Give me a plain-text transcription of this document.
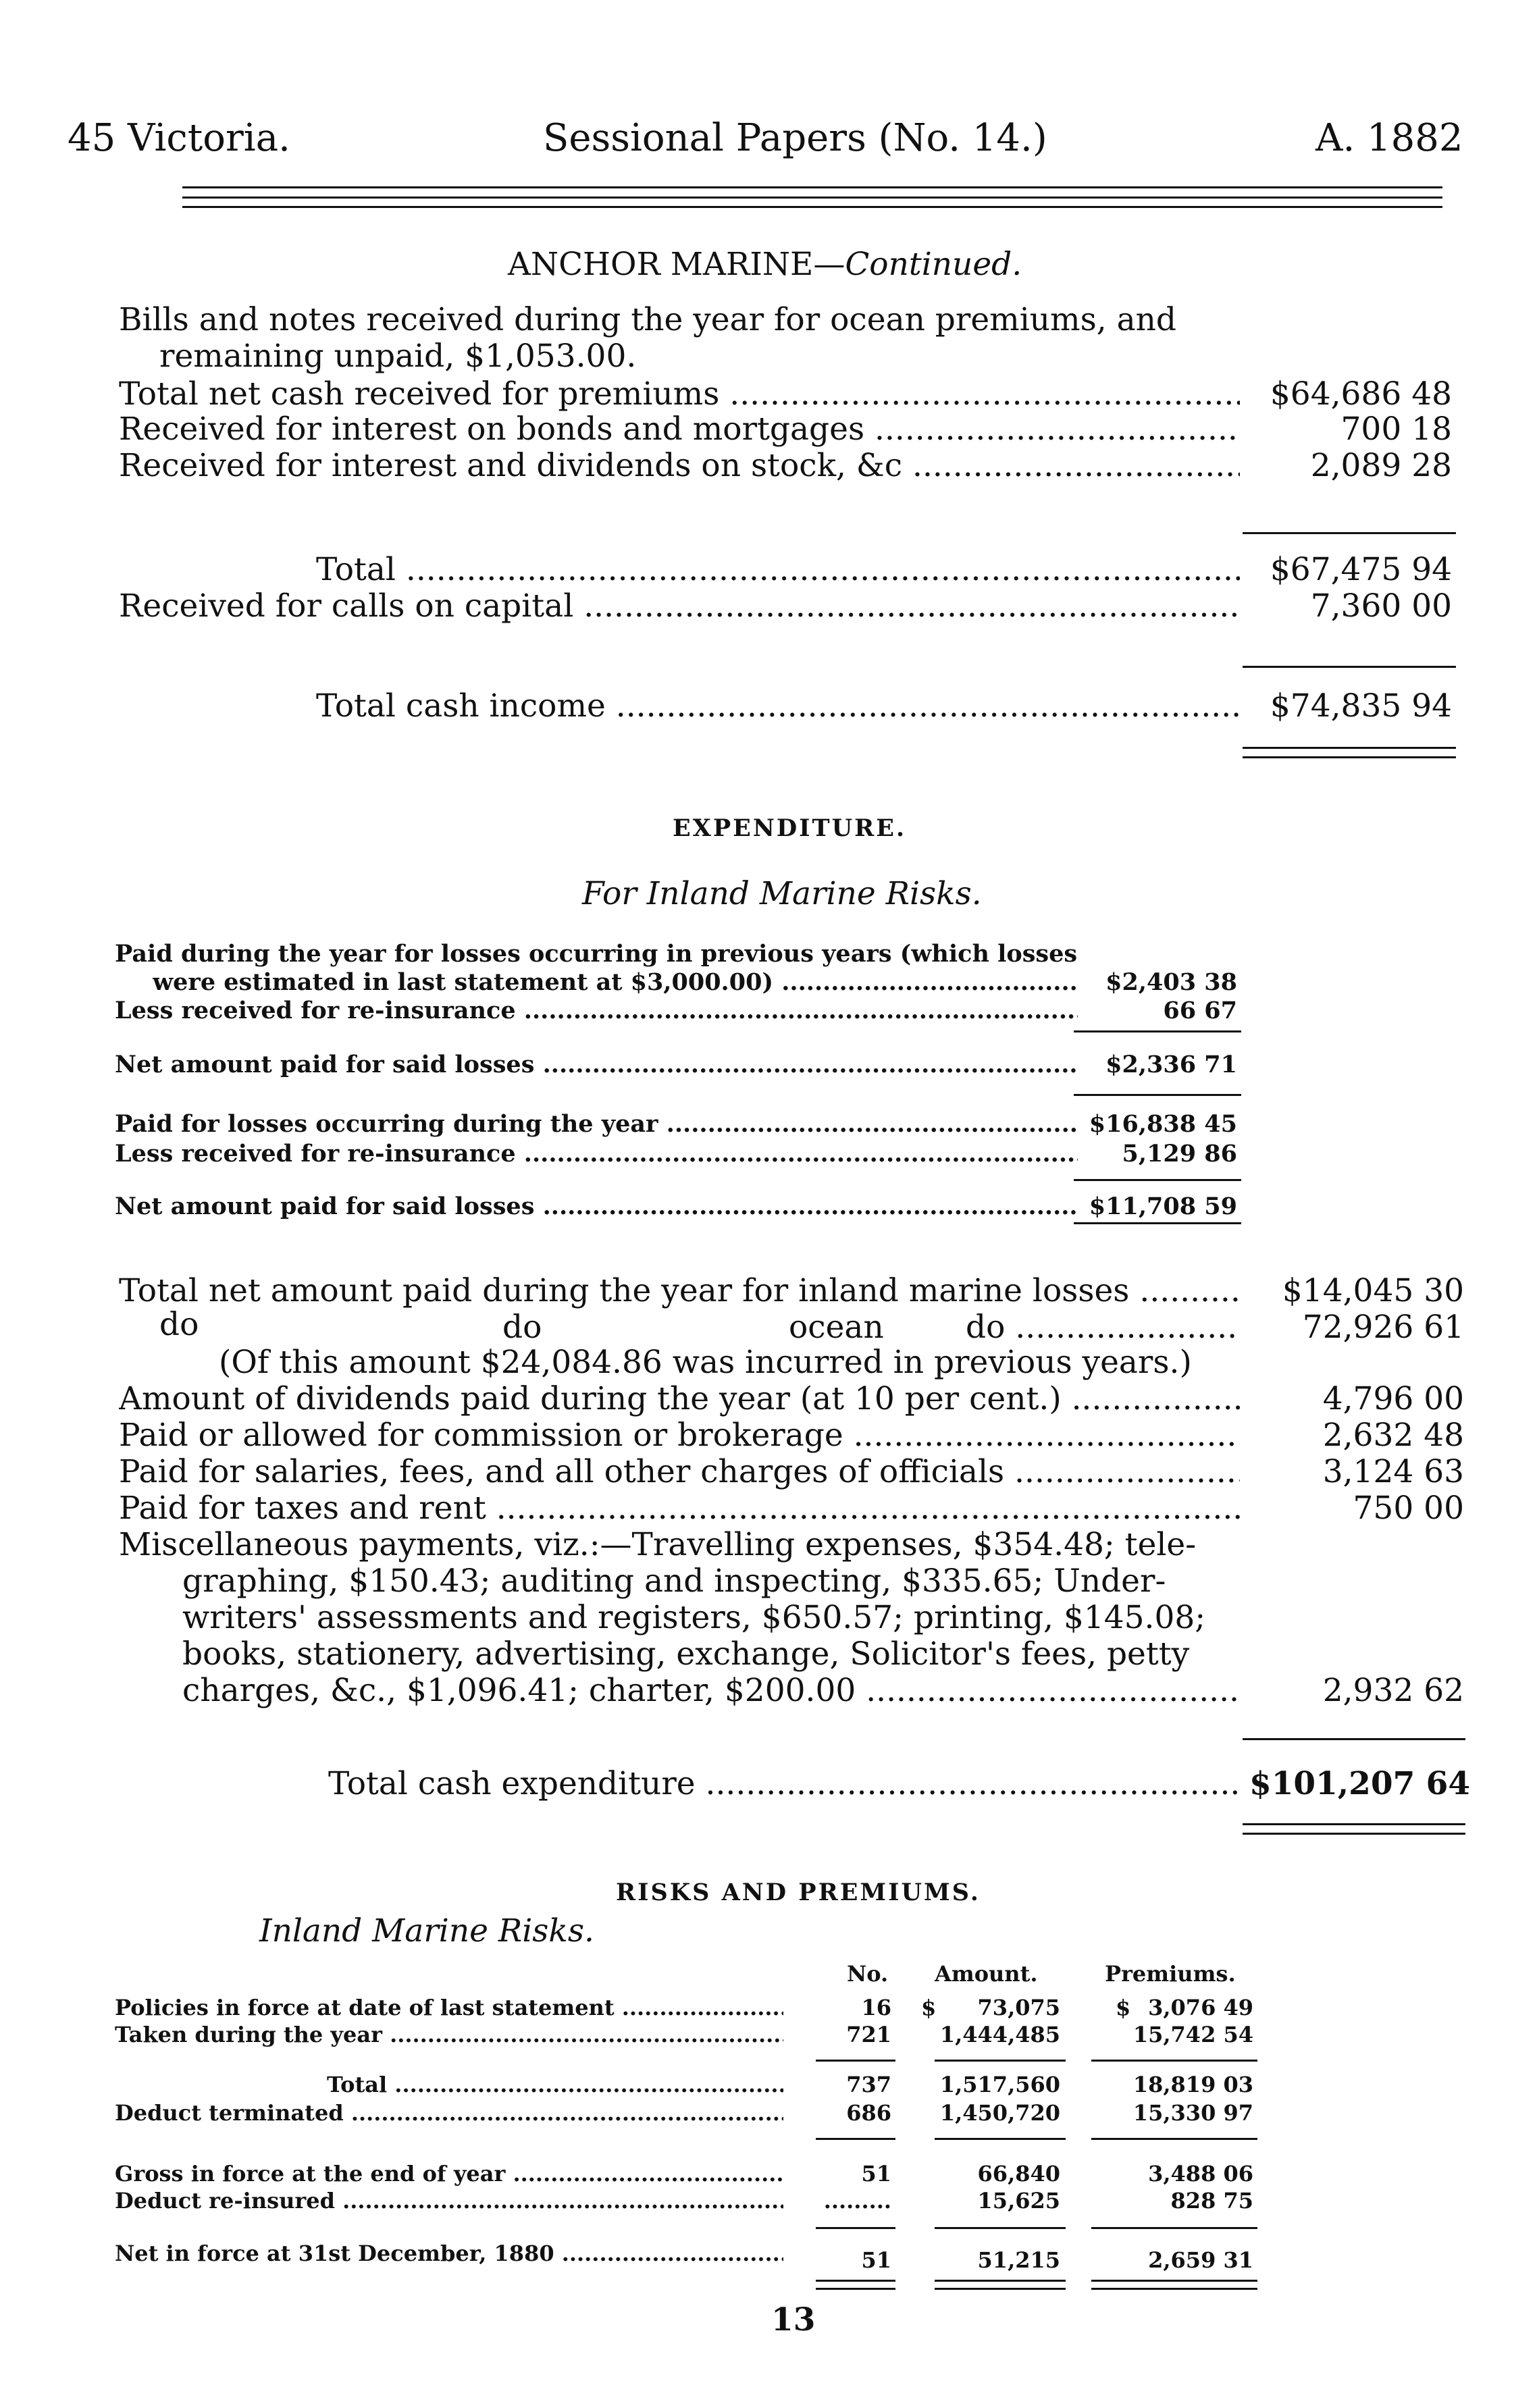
45 Victoria.	Sessional Papers (No. 14.)	A. 1882
ANCHOR MARINE—Continued.
Bills and notes received during the year for ocean premiums, and
remaining unpaid, $1,053.00.
Total net cash received for premiums .....	$64,686 48
Received for interest on bonds and mortgages .....	700 18
Received for interest and dividends on stock, &c .....	2,089 28
Total .....	$67,475 94
Received for calls on capital .....	7,360 00
Total cash income .....	$74,835 94
EXPENDITURE.
For Inland Marine Risks.
Paid during the year for losses occurring in previous years (which losses
were estimated in last statement at $3,000.00) .....	$2,403 38
Less received for re-insurance .....	66 67
Net amount paid for said losses .....	$2,336 71
Paid for losses occurring during the year .....	$16,838 45
Less received for re-insurance .....	5,129 86
Net amount paid for said losses .....	$11,708 59
Total net amount paid during the year for inland marine losses .....	$14,045 30
do	do	ocean	do .....	72,926 61
(Of this amount $24,084.86 was incurred in previous years.)
Amount of dividends paid during the year (at 10 per cent.) .....	4,796 00
Paid or allowed for commission or brokerage .....	2,632 48
Paid for salaries, fees, and all other charges of officials .....	3,124 63
Paid for taxes and rent .....	750 00
Miscellaneous payments, viz.:—Travelling expenses, $354.48; tele-
graphing, $150.43; auditing and inspecting, $335.65; Under-
writers' assessments and registers, $650.57; printing, $145.08;
books, stationery, advertising, exchange, Solicitor's fees, petty
charges, &c., $1,096.41; charter, $200.00 .....	2,932 62
Total cash expenditure .....	$101,207 64
RISKS AND PREMIUMS.
Inland Marine Risks.
No. Amount.	Premiums.
Policies in force at date of last statement .....	16 $	73,075	$ 3,076 49
Taken during the year .....	721 1,444,485	15,742 54
Total .....	737 1,517,560	18,819 03
Deduct terminated .....	686 1,450,720	15,330 97
Gross in force at the end of year .....	51	66,840	3,488 06
Deduct re-insured .....	.........	15,625	828 75
Net in force at 31st December, 1880 .....	51	51,215	2,659 31
13
